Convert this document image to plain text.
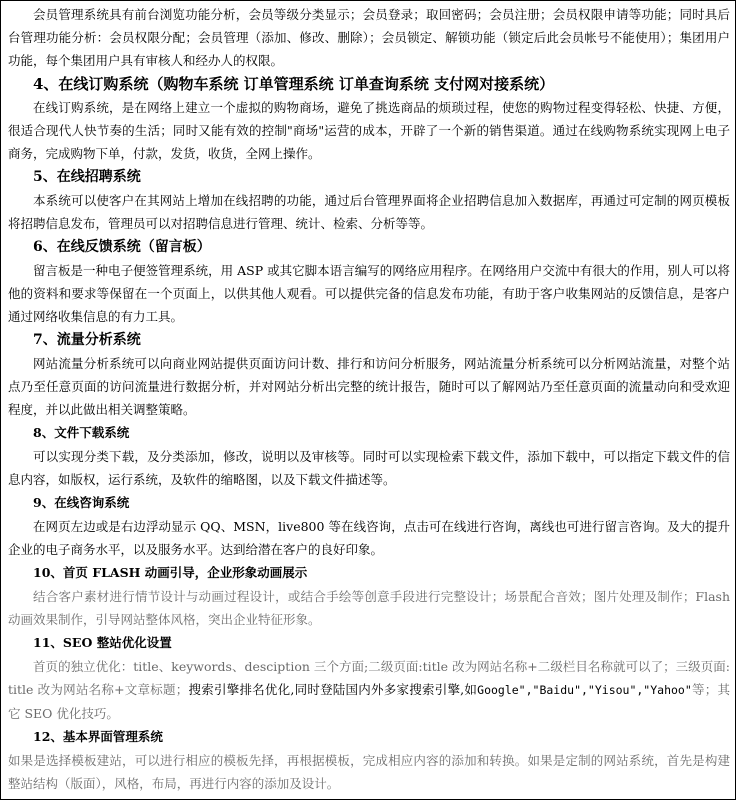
会员管理系统具有前台浏览功能分析，会员等级分类显示；会员登录；取回密码；会员注册；会员权限申请等功能；同时具后台管理功能分析：会员权限分配；会员管理（添加、修改、删除）；会员锁定、解锁功能（锁定后此会员帐号不能使用）；集团用户功能，每个集团用户具有审核人和经办人的权限。

4、在线订购系统（购物车系统 订单管理系统 订单查询系统 支付网对接系统）

在线订购系统，是在网络上建立一个虚拟的购物商场，避免了挑选商品的烦琐过程，使您的购物过程变得轻松、快捷、方便，很适合现代人快节奏的生活；同时又能有效的控制"商场"运营的成本，开辟了一个新的销售渠道。通过在线购物系统实现网上电子商务，完成购物下单，付款，发货，收货，全网上操作。

5、在线招聘系统

本系统可以使客户在其网站上增加在线招聘的功能，通过后台管理界面将企业招聘信息加入数据库，再通过可定制的网页模板将招聘信息发布，管理员可以对招聘信息进行管理、统计、检索、分析等等。

6、在线反馈系统（留言板）

留言板是一种电子便签管理系统，用 ASP 或其它脚本语言编写的网络应用程序。在网络用户交流中有很大的作用，别人可以将他的资料和要求等保留在一个页面上，以供其他人观看。可以提供完备的信息发布功能，有助于客户收集网站的反馈信息，是客户通过网络收集信息的有力工具。

7、流量分析系统

网站流量分析系统可以向商业网站提供页面访问计数、排行和访问分析服务，网站流量分析系统可以分析网站流量，对整个站点乃至任意页面的访问流量进行数据分析，并对网站分析出完整的统计报告，随时可以了解网站乃至任意页面的流量动向和受欢迎程度，并以此做出相关调整策略。

8、文件下载系统

可以实现分类下载，及分类添加，修改，说明以及审核等。同时可以实现检索下载文件，添加下载中，可以指定下载文件的信息内容，如版权，运行系统，及软件的缩略图，以及下载文件描述等。

9、在线咨询系统

在网页左边或是右边浮动显示 QQ、MSN，live800 等在线咨询，点击可在线进行咨询，离线也可进行留言咨询。及大的提升企业的电子商务水平，以及服务水平。达到给潜在客户的良好印象。

10、首页 FLASH 动画引导，企业形象动画展示

结合客户素材进行情节设计与动画过程设计，或结合手绘等创意手段进行完整设计；场景配合音效；图片处理及制作；Flash 动画效果制作，引导网站整体风格，突出企业特征形象。

11、SEO 整站优化设置

首页的独立优化：title、keywords、desciption 三个方面;二级页面:title 改为网站名称+二级栏目名称就可以了；三级页面:title 改为网站名称+文章标题；搜索引擎排名优化,同时登陆国内外多家搜索引擎,如Google","Baidu","Yisou","Yahoo"等；其它 SEO 优化技巧。

12、基本界面管理系统

如果是选择模板建站，可以进行相应的模板先择，再根据模板，完成相应内容的添加和转换。如果是定制的网站系统，首先是构建整站结构（版面），风格，布局，再进行内容的添加及设计。
